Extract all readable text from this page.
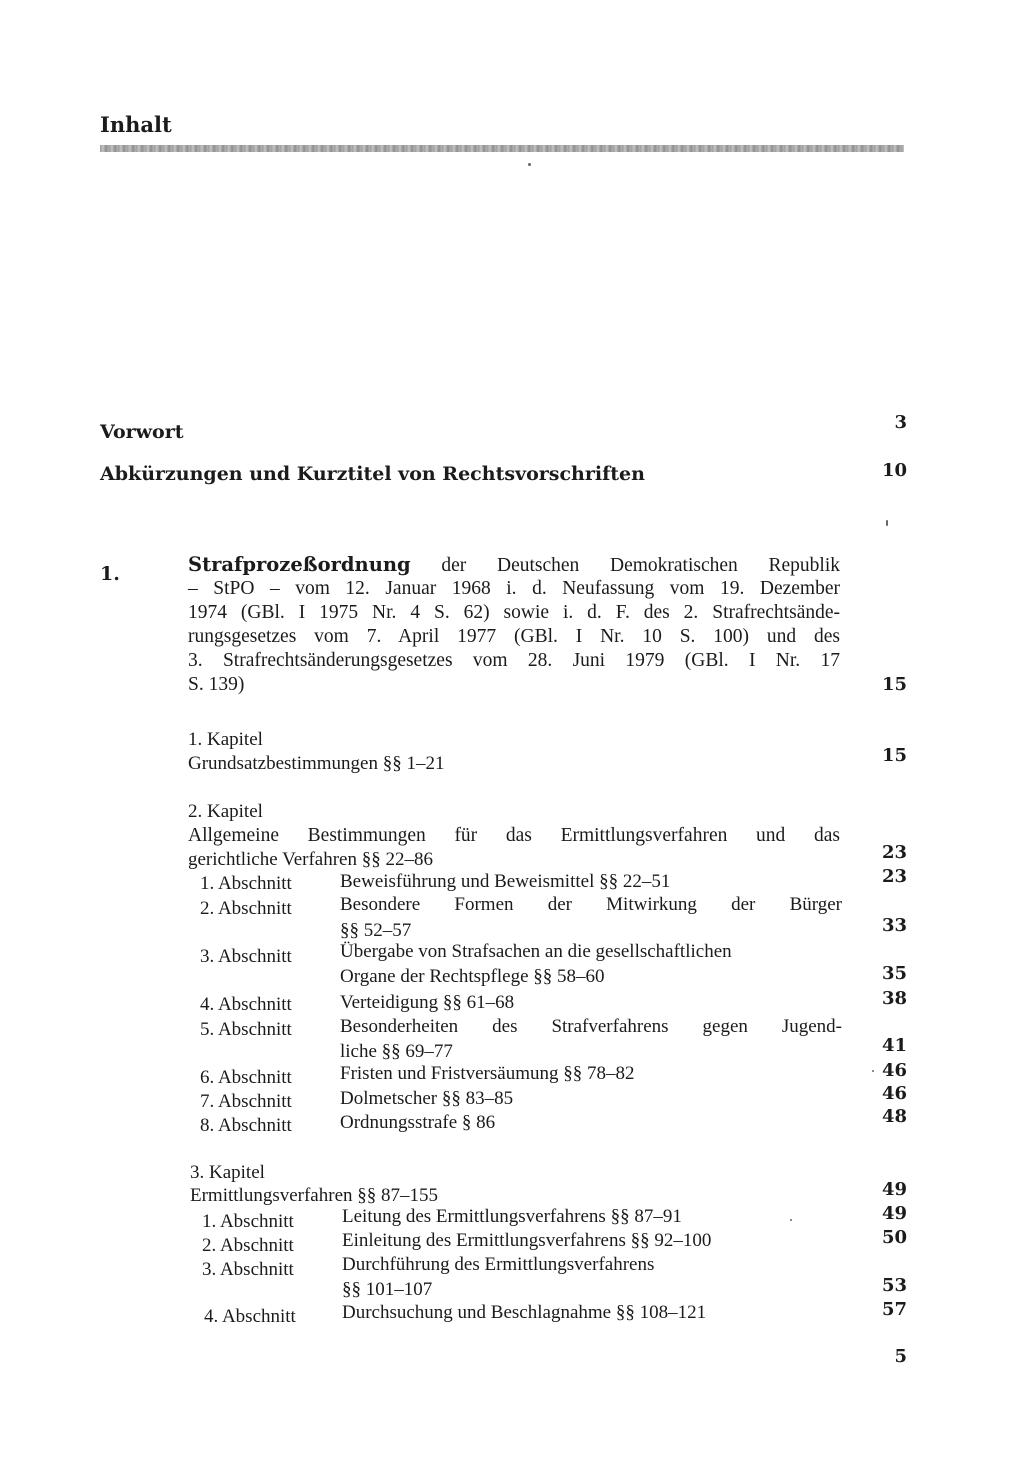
Inhalt
Vorwort	3
Abkürzungen und Kurztitel von Rechtsvorschriften	10
1.	Strafprozeßordnung der Deutschen Demokratischen Republik
– StPO – vom 12. Januar 1968 i. d. Neufassung vom 19. Dezember
1974 (GBl. I 1975 Nr. 4 S. 62) sowie i. d. F. des 2. Strafrechtsände-
rungsgesetzes vom 7. April 1977 (GBl. I Nr. 10 S. 100) und des
3. Strafrechtsänderungsgesetzes vom 28. Juni 1979 (GBl. I Nr. 17
S. 139)	15
1. Kapitel
Grundsatzbestimmungen §§ 1–21	15
2. Kapitel
Allgemeine Bestimmungen für das Ermittlungsverfahren und das
gerichtliche Verfahren §§ 22–86	23
1. Abschnitt	Beweisführung und Beweismittel §§ 22–51	23
2. Abschnitt	Besondere Formen der Mitwirkung der Bürger
§§ 52–57	33
3. Abschnitt	Übergabe von Strafsachen an die gesellschaftlichen
Organe der Rechtspflege §§ 58–60	35
4. Abschnitt	Verteidigung §§ 61–68	38
5. Abschnitt	Besonderheiten des Strafverfahrens gegen Jugend-
liche §§ 69–77	41
6. Abschnitt	Fristen und Fristversäumung §§ 78–82	46
7. Abschnitt	Dolmetscher §§ 83–85	46
8. Abschnitt	Ordnungsstrafe § 86	48
3. Kapitel
Ermittlungsverfahren §§ 87–155	49
1. Abschnitt	Leitung des Ermittlungsverfahrens §§ 87–91	49
2. Abschnitt	Einleitung des Ermittlungsverfahrens §§ 92–100	50
3. Abschnitt	Durchführung des Ermittlungsverfahrens
§§ 101–107	53
4. Abschnitt Durchsuchung und Beschlagnahme §§ 108–121	57
5
